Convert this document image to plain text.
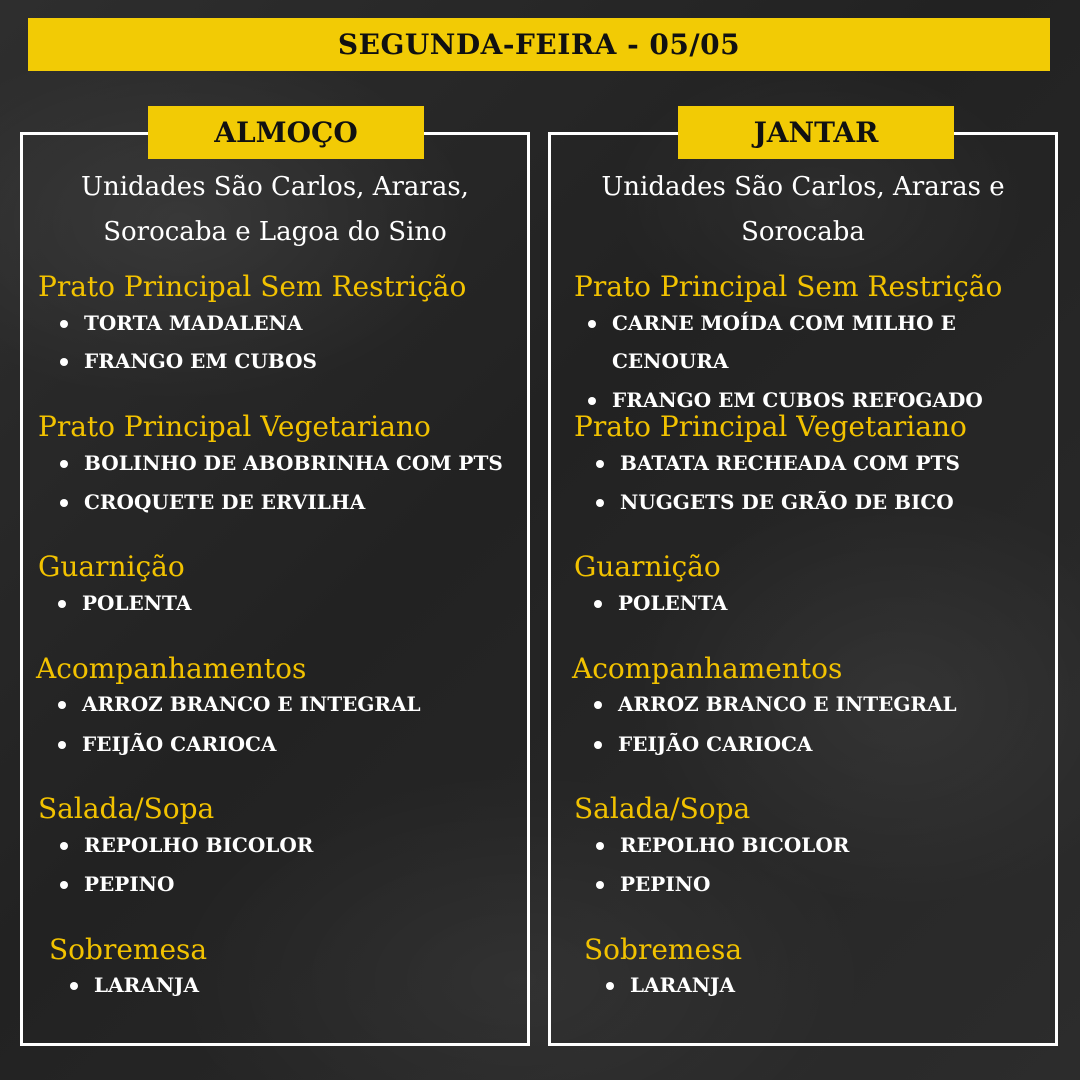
SEGUNDA-FEIRA - 05/05
ALMOÇO	JANTAR
Unidades São Carlos, Araras, Sorocaba e Lagoa do Sino
Unidades São Carlos, Araras e Sorocaba
Prato Principal Sem Restrição
TORTA MADALENA
FRANGO EM CUBOS
Prato Principal Vegetariano
BOLINHO DE ABOBRINHA COM PTS
CROQUETE DE ERVILHA
Guarnição
POLENTA
Acompanhamentos
ARROZ BRANCO E INTEGRAL
FEIJÃO CARIOCA
Salada/Sopa
REPOLHO BICOLOR
PEPINO
Sobremesa
LARANJA
Prato Principal Sem Restrição
CARNE MOÍDA COM MILHO E
CENOURA
FRANGO EM CUBOS REFOGADO
Prato Principal Vegetariano
BATATA RECHEADA COM PTS
NUGGETS DE GRÃO DE BICO
Guarnição
POLENTA
Acompanhamentos
ARROZ BRANCO E INTEGRAL
FEIJÃO CARIOCA
Salada/Sopa
REPOLHO BICOLOR
PEPINO
Sobremesa
LARANJA
